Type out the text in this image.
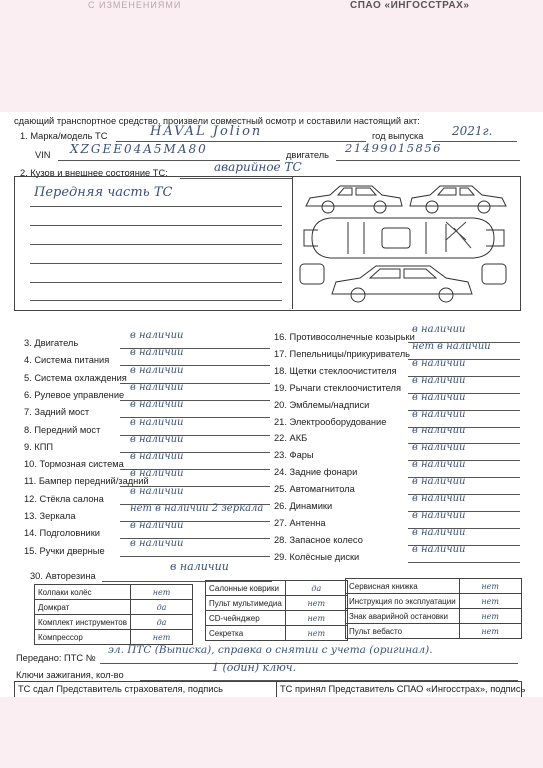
С ИЗМЕНЕНИЯМИ	СПАО «ИНГОССТРАХ»
сдающий транспортное средство, произвели совместный осмотр и составили настоящий акт:
1. Марка/модель ТС	HAVAL Jolion	год выпуска 2021г.
VIN XZGEE04A5MA80	двигатель 21499015856
2. Кузов и внешнее состояние ТС:	аварийное ТС
Передняя часть ТС
3. Двигатель
в наличии
4. Система питания
в наличии
5. Система охлаждения
в наличии
6. Рулевое управление
в наличии
7. Задний мост
в наличии
8. Передний мост
в наличии
9. КПП
в наличии
10. Тормозная система
в наличии
11. Бампер передний/задний
в наличии
12. Стёкла салона
в наличии
13. Зеркала
нет в наличии 2 зеркала
14. Подголовники
в наличии
15. Ручки дверные
в наличии
16. Противосолнечные козырьки
в наличии
17. Пепельницы/прикуриватель
нет в наличии
18. Щетки стеклоочистителя
в наличии
19. Рычаги стеклоочистителя
в наличии
20. Эмблемы/надписи
в наличии
21. Электрооборудование
в наличии
22. АКБ
в наличии
23. Фары
в наличии
24. Задние фонари
в наличии
25. Автомагнитола
в наличии
26. Динамики
в наличии
27. Антенна
в наличии
28. Запасное колесо
в наличии
29. Колёсные диски
в наличии
30. Авторезина
в наличии
Колпаки колёс	нет
Домкрат	да
Комплект инструментов	да
Компрессор	нет
Салонные коврики	да
Пульт мультимедиа	нет
CD-чейнджер	нет
Секретка	нет
Сервисная книжка	нет
Инструкция по эксплуатации	нет
Знак аварийной остановки	нет
Пульт вебасто	нет
Передано: ПТС №
эл. ПТС (Выписка), справка о снятии с учета (оригинал).
Ключи зажигания, кол-во
1 (один) ключ.
ТС сдал Представитель страхователя, подпись	ТС принял Представитель СПАО «Ингосстрах», подпись
